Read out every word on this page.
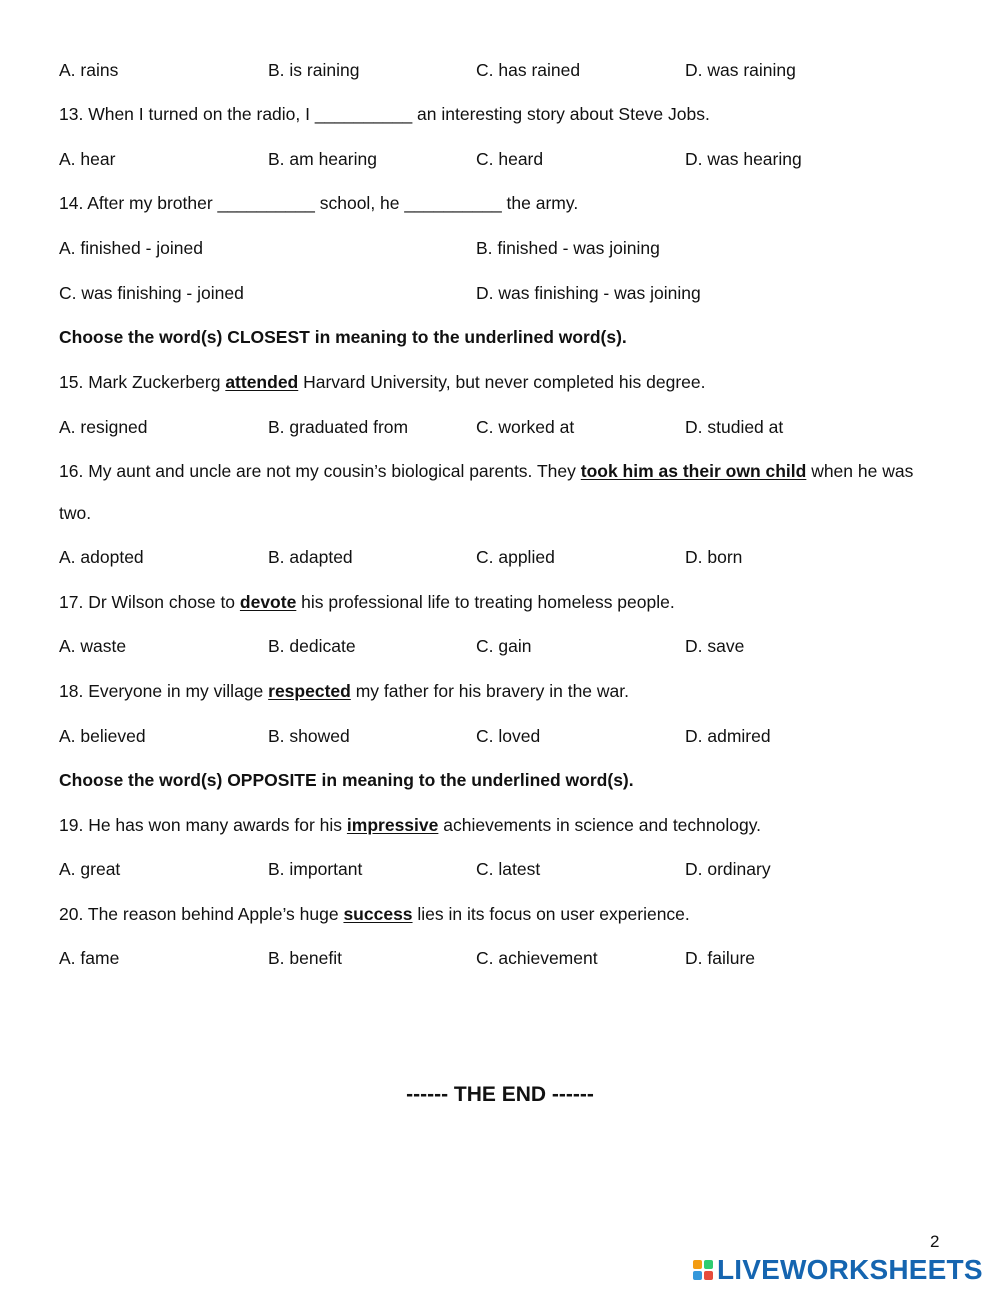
A. rains	B. is raining	C. has rained	D. was raining
13. When I turned on the radio, I __________ an interesting story about Steve Jobs.
A. hear	B. am hearing	C. heard	D. was hearing
14. After my brother __________ school, he __________ the army.
A. finished - joined	B. finished - was joining
C. was finishing - joined	D. was finishing - was joining
Choose the word(s) CLOSEST in meaning to the underlined word(s).
15. Mark Zuckerberg attended Harvard University, but never completed his degree.
A. resigned	B. graduated from	C. worked at	D. studied at
16. My aunt and uncle are not my cousin’s biological parents. They took him as their own child when he was
two.
A. adopted	B. adapted	C. applied	D. born
17. Dr Wilson chose to devote his professional life to treating homeless people.
A. waste	B. dedicate	C. gain	D. save
18. Everyone in my village respected my father for his bravery in the war.
A. believed	B. showed	C. loved	D. admired
Choose the word(s) OPPOSITE in meaning to the underlined word(s).
19. He has won many awards for his impressive achievements in science and technology.
A. great	B. important	C. latest	D. ordinary
20. The reason behind Apple’s huge success lies in its focus on user experience.
A. fame	B. benefit	C. achievement	D. failure
------ THE END ------
2
LIVEWORKSHEETS
